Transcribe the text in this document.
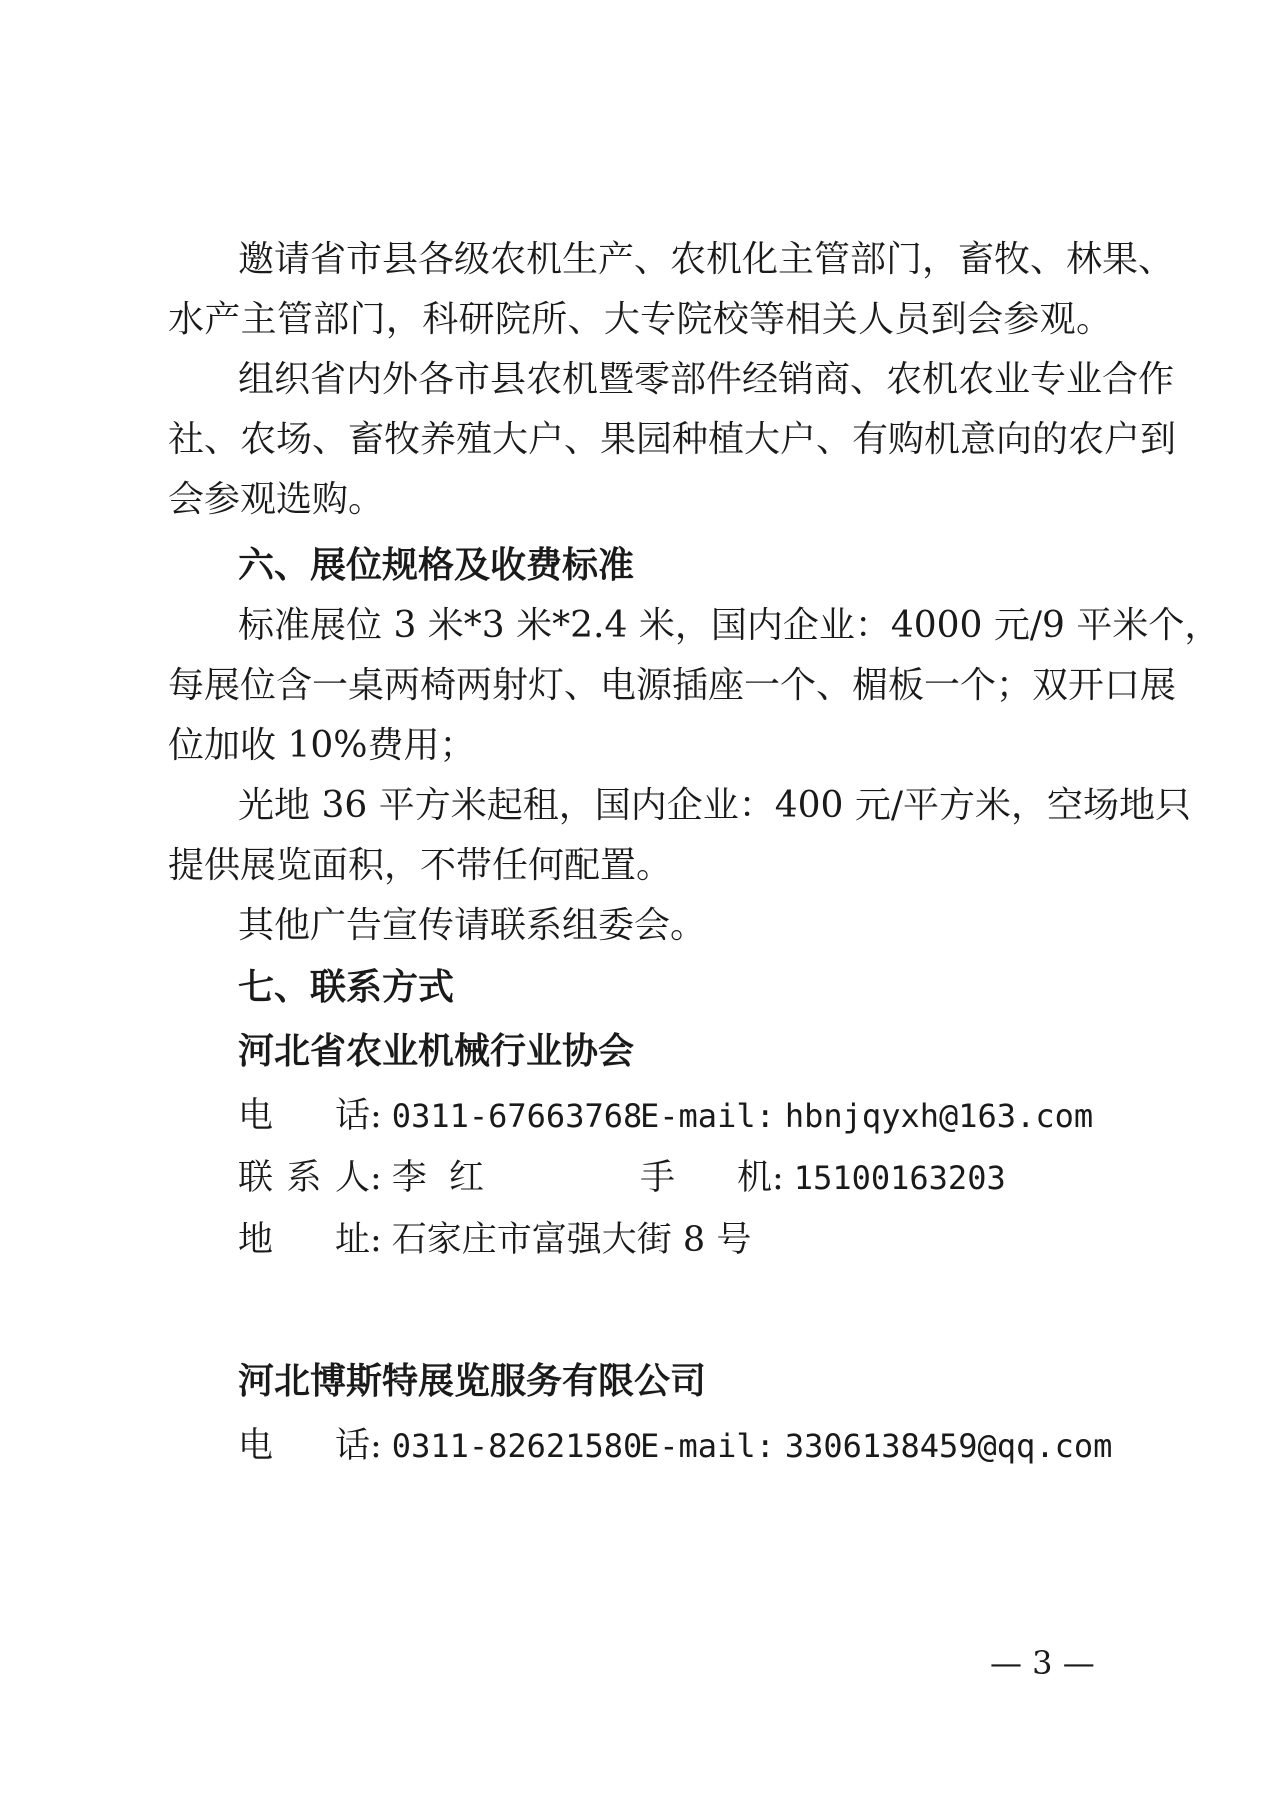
邀请省市县各级农机生产、农机化主管部门，畜牧、林果、
水产主管部门，科研院所、大专院校等相关人员到会参观。
组织省内外各市县农机暨零部件经销商、农机农业专业合作
社、农场、畜牧养殖大户、果园种植大户、有购机意向的农户到
会参观选购。
六、展位规格及收费标准
标准展位 3 米*3 米*2.4 米，国内企业：4000 元/9 平米个，
每展位含一桌两椅两射灯、电源插座一个、楣板一个；双开口展
位加收 10%费用；
光地 36 平方米起租，国内企业：400 元/平方米，空场地只
提供展览面积，不带任何配置。
其他广告宣传请联系组委会。
七、联系方式
河北省农业机械行业协会
电 话: 0311-67663768
E-mail: hbnjqyxh@163.com
联系人: 李  红	手 机: 15100163203
地 址: 石家庄市富强大街 8 号
河北博斯特展览服务有限公司
电 话: 0311-82621580
E-mail: 3306138459@qq.com
— 3 —
